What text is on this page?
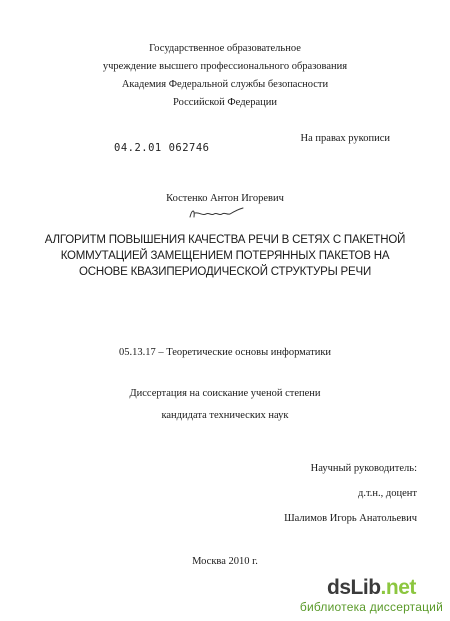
Государственное образовательное
учреждение высшего профессионального образования
Академия Федеральной службы безопасности
Российской Федерации
На правах рукописи
04.2.01 062746
Костенко Антон Игоревич
АЛГОРИТМ ПОВЫШЕНИЯ КАЧЕСТВА РЕЧИ В СЕТЯХ С ПАКЕТНОЙ
КОММУТАЦИЕЙ ЗАМЕЩЕНИЕМ ПОТЕРЯННЫХ ПАКЕТОВ НА
ОСНОВЕ КВАЗИПЕРИОДИЧЕСКОЙ СТРУКТУРЫ РЕЧИ
05.13.17 – Теоретические основы информатики
Диссертация на соискание ученой степени
кандидата технических наук
Научный руководитель:
д.т.н., доцент
Шалимов Игорь Анатольевич
Москва 2010 г.
dsLib.net
библиотека диссертаций
